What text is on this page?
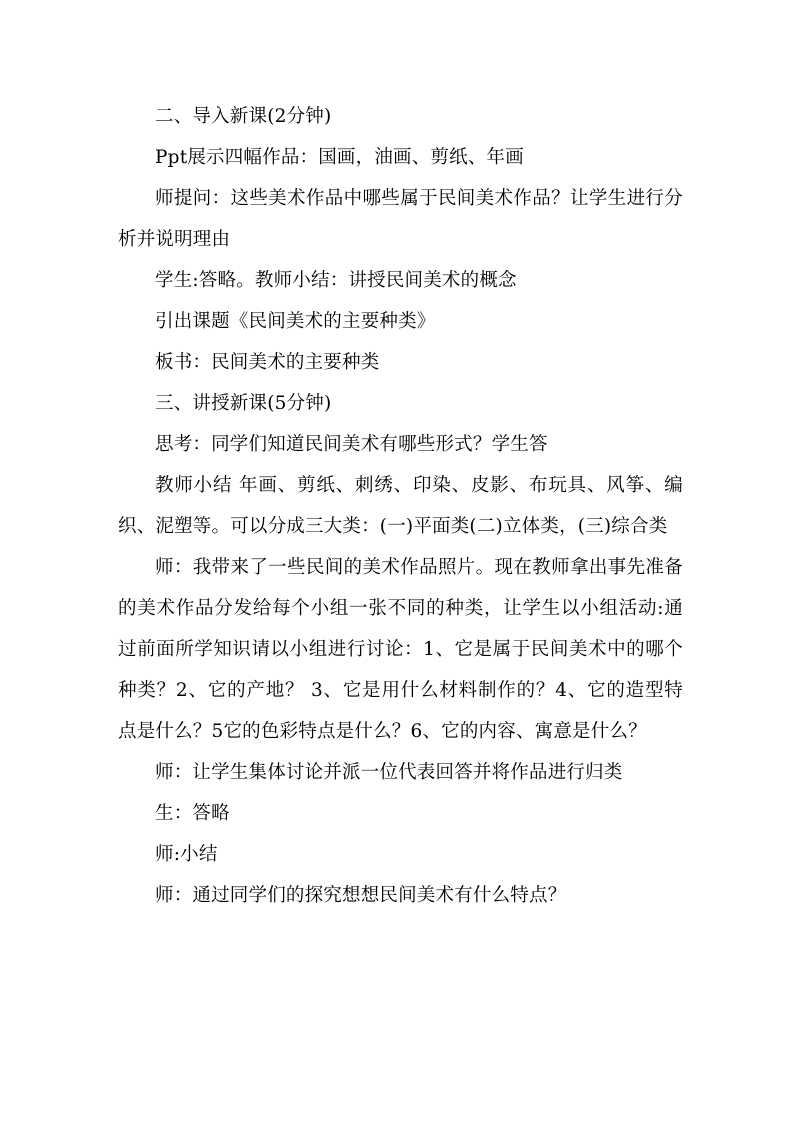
二、导入新课(2分钟)

Ppt展示四幅作品：国画，油画、剪纸、年画

师提问：这些美术作品中哪些属于民间美术作品？让学生进行分析并说明理由

学生:答略。教师小结：讲授民间美术的概念

引出课题《民间美术的主要种类》

板书：民间美术的主要种类

三、讲授新课(5分钟)

思考：同学们知道民间美术有哪些形式？学生答

教师小结 年画、剪纸、刺绣、印染、皮影、布玩具、风筝、编织、泥塑等。可以分成三大类：(一)平面类(二)立体类，(三)综合类

师：我带来了一些民间的美术作品照片。现在教师拿出事先准备的美术作品分发给每个小组一张不同的种类，让学生以小组活动:通过前面所学知识请以小组进行讨论：1、它是属于民间美术中的哪个种类？2、它的产地？ 3、它是用什么材料制作的？4、它的造型特点是什么？5它的色彩特点是什么？6、它的内容、寓意是什么？

师：让学生集体讨论并派一位代表回答并将作品进行归类

生：答略

师:小结

师：通过同学们的探究想想民间美术有什么特点？
